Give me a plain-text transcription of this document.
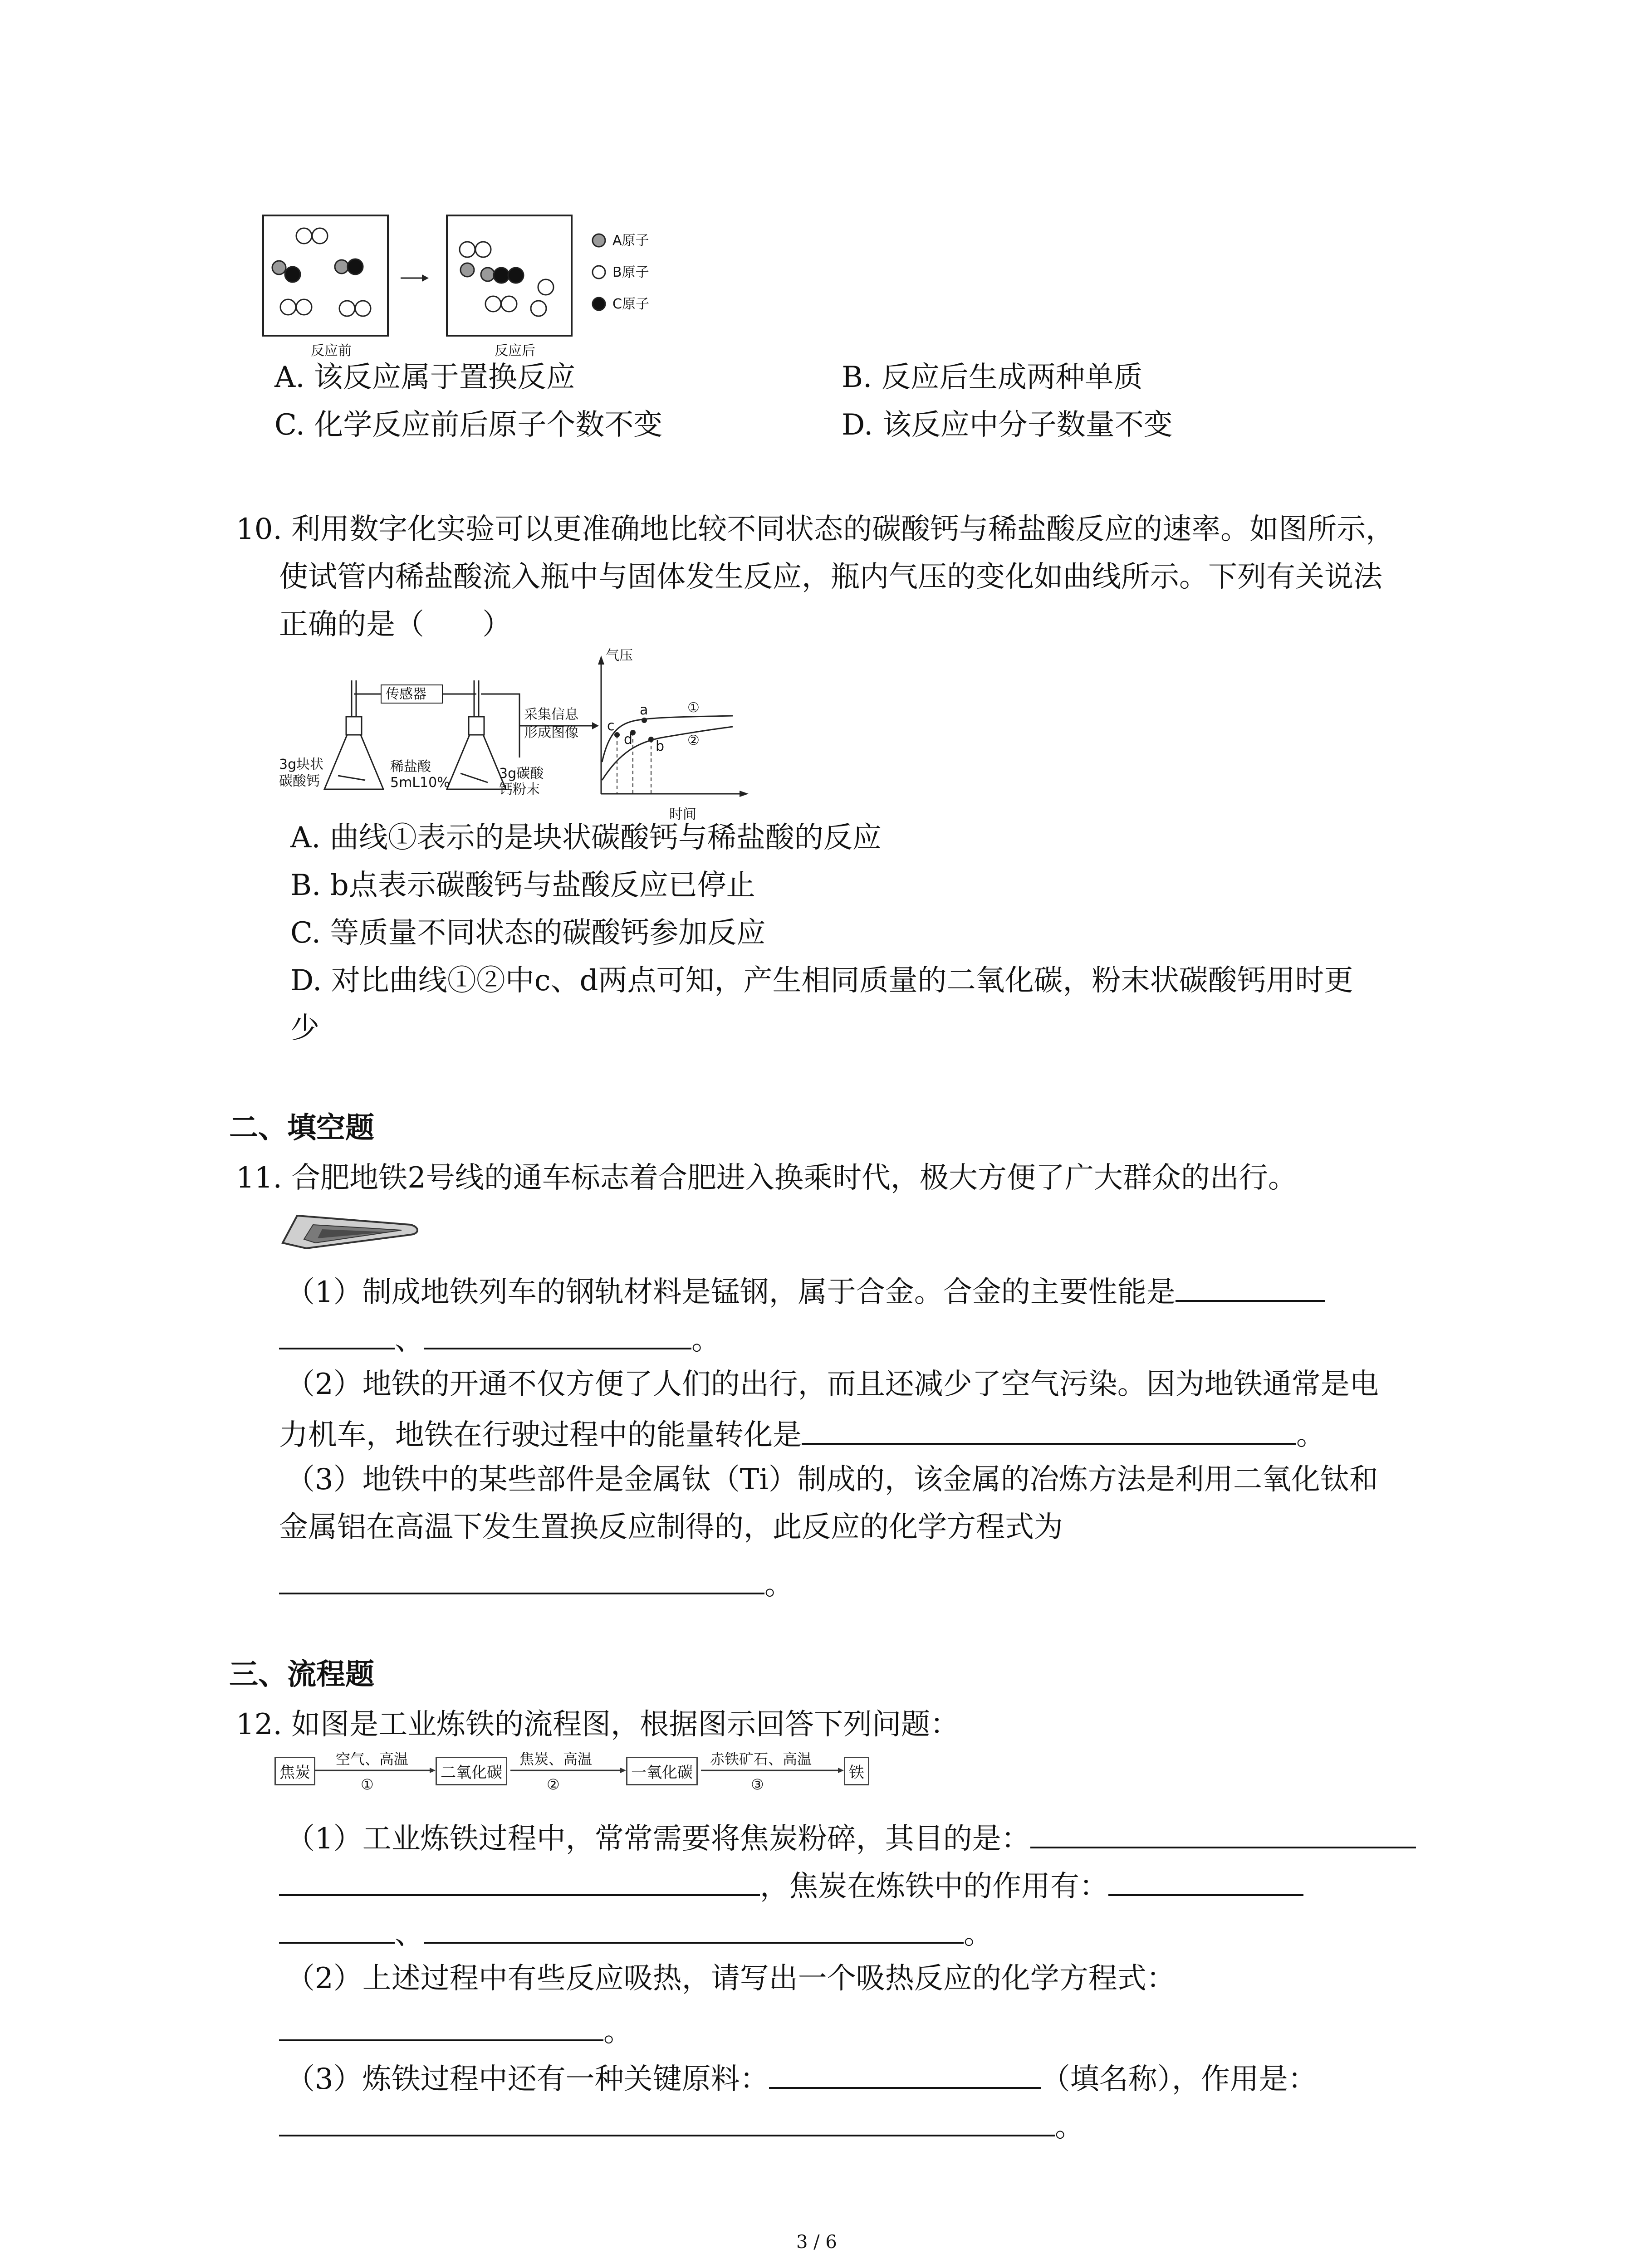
A原子
B原子
C原子
反应前	反应后
A. 该反应属于置换反应	B. 反应后生成两种单质
C. 化学反应前后原子个数不变	D. 该反应中分子数量不变
10. 利用数字化实验可以更准确地比较不同状态的碳酸钙与稀盐酸反应的速率。如图所示，
使试管内稀盐酸流入瓶中与固体发生反应，瓶内气压的变化如曲线所示。下列有关说法
正确的是（　　）
传感器
3g块状
碳酸钙
稀盐酸
5mL10%
3g碳酸
钙粉末
采集信息
形成图像
气压
时间
a
b
c
d
①
②
A. 曲线①表示的是块状碳酸钙与稀盐酸的反应
B. b点表示碳酸钙与盐酸反应已停止
C. 等质量不同状态的碳酸钙参加反应
D. 对比曲线①②中c、d两点可知，产生相同质量的二氧化碳，粉末状碳酸钙用时更
少
二、填空题
11. 合肥地铁2号线的通车标志着合肥进入换乘时代，极大方便了广大群众的出行。
（1）制成地铁列车的钢轨材料是锰钢，属于合金。合金的主要性能是
、	。
（2）地铁的开通不仅方便了人们的出行，而且还减少了空气污染。因为地铁通常是电
力机车，地铁在行驶过程中的能量转化是	。
（3）地铁中的某些部件是金属钛（Ti）制成的，该金属的冶炼方法是利用二氧化钛和
金属铝在高温下发生置换反应制得的，此反应的化学方程式为
。
三、流程题
12. 如图是工业炼铁的流程图，根据图示回答下列问题：
焦炭
空气、高温
①
二氧化碳
焦炭、高温
②
一氧化碳
赤铁矿石、高温
③
铁
（1）工业炼铁过程中，常常需要将焦炭粉碎，其目的是：
，焦炭在炼铁中的作用有：
、	。
（2）上述过程中有些反应吸热，请写出一个吸热反应的化学方程式：
。
（3）炼铁过程中还有一种关键原料：	（填名称），作用是：
。
3 / 6
